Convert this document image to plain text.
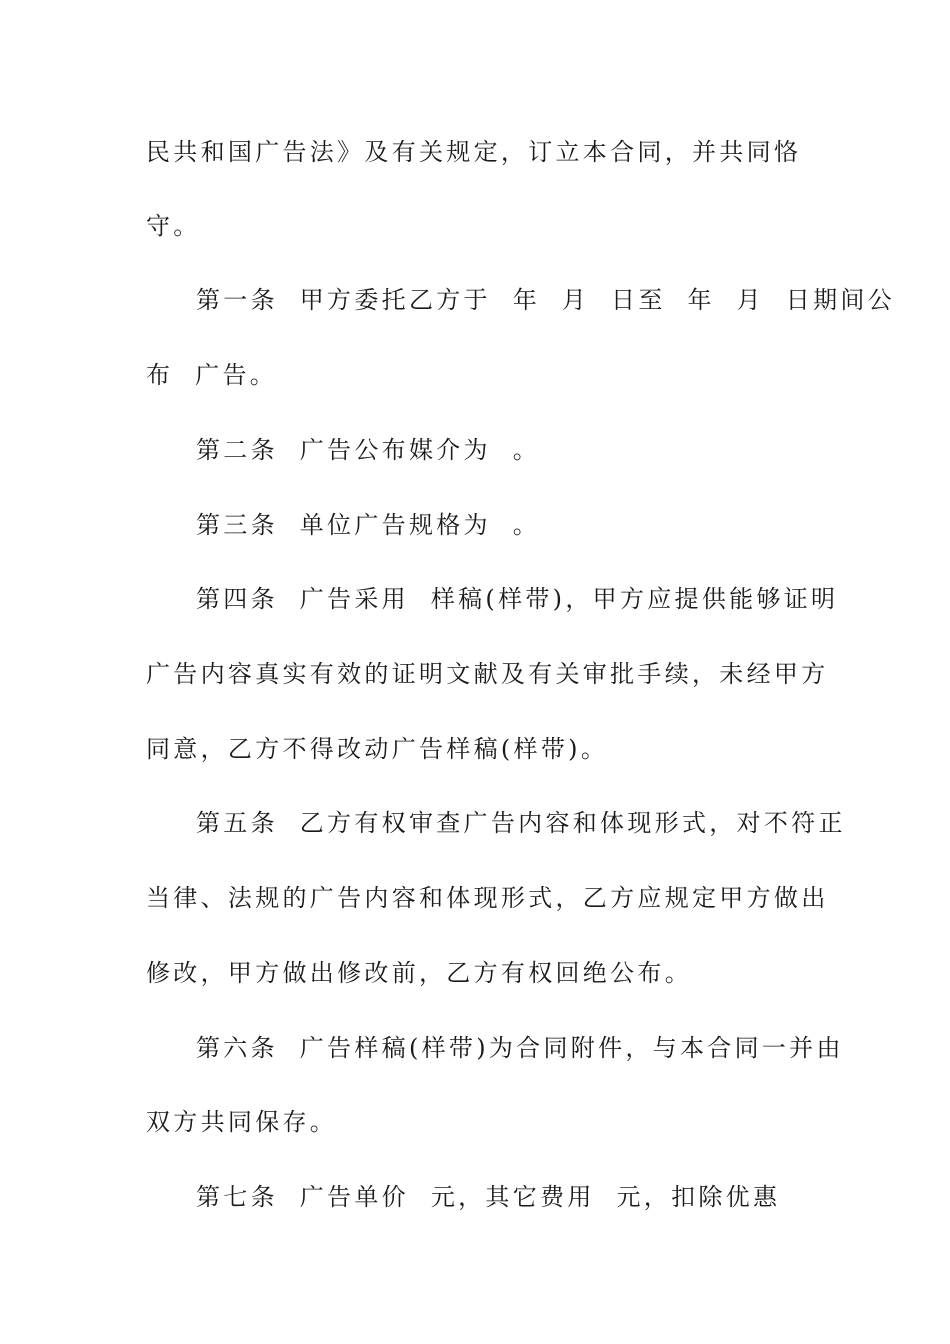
民共和国广告法》及有关规定，订立本合同，并共同恪
守。
第一条  甲方委托乙方于  年  月  日至  年  月  日期间公
布  广告。
第二条  广告公布媒介为  。
第三条  单位广告规格为  。
第四条  广告采用  样稿(样带)，甲方应提供能够证明
广告内容真实有效的证明文献及有关审批手续，未经甲方
同意，乙方不得改动广告样稿(样带)。
第五条  乙方有权审查广告内容和体现形式，对不符正
当律、法规的广告内容和体现形式，乙方应规定甲方做出
修改，甲方做出修改前，乙方有权回绝公布。
第六条  广告样稿(样带)为合同附件，与本合同一并由
双方共同保存。
第七条  广告单价  元，其它费用  元，扣除优惠
